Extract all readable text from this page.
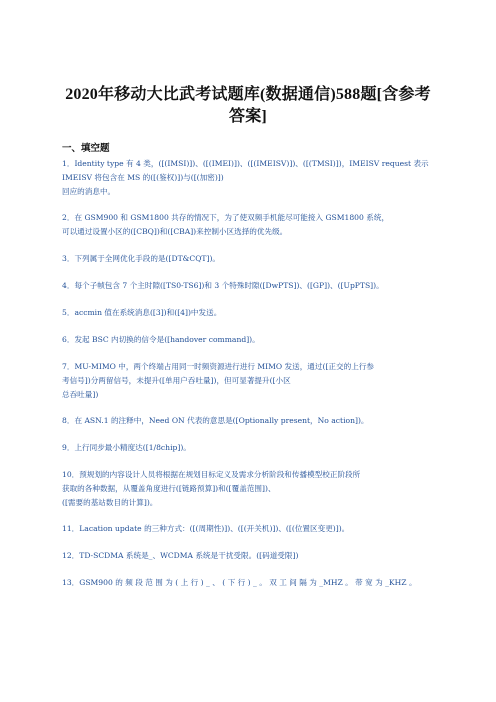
2020年移动大比武考试题库(数据通信)588题[含参考
答案]
一、填空题
1．Identity type 有 4 类，([(IMSI)])、([(IMEI)])、([(IMEISV)])、([(TMSI)])，IMEISV request 表示
IMEISV 将包含在 MS 的([(鉴权)])与([(加密)])
回应的消息中。
2．在 GSM900 和 GSM1800 共存的情况下，为了使双频手机能尽可能接入 GSM1800 系统，
可以通过设置小区的([CBQ])和([CBA])来控制小区选择的优先级。
3．下列属于全网优化手段的是([DT&CQT])。
4．每个子帧包含 7 个主时隙([TS0-TS6])和 3 个特殊时隙([DwPTS])、([GP])、([UpPTS])。
5．accmin 值在系统消息([3])和([4])中发送。
6．发起 BSC 内切换的信令是([handover command])。
7．MU-MIMO 中，两个终端占用同一时频资源进行进行 MIMO 发送，通过([正交的上行参
考信号])分两留信号，未提升([单用户吞吐量])，但可显著提升([小区
总吞吐量])
8．在 ASN.1 的注释中，Need ON 代表的意思是([Optionally present，No action])。
9．上行同步最小精度达([1/8chip])。
10．预规划的内容设计人员将根据在规划目标定义及需求分析阶段和传播模型校正阶段所
获取的各种数据，从覆盖角度进行([链路预算])和([覆盖范围])、
([需要的基站数目的计算])。
11．Lacation update 的三种方式：([(周期性)])、([(开关机)])、([(位置区变更)])。
12．TD-SCDMA 系统是_、WCDMA 系统是干扰受限。([码道受限])
13．GSM900 的 频 段 范 围 为 ( 上 行 ) _ 、 ( 下 行 ) _ 。 双 工 间 隔 为 _MHZ 。 带 宽 为 _KHZ 。
